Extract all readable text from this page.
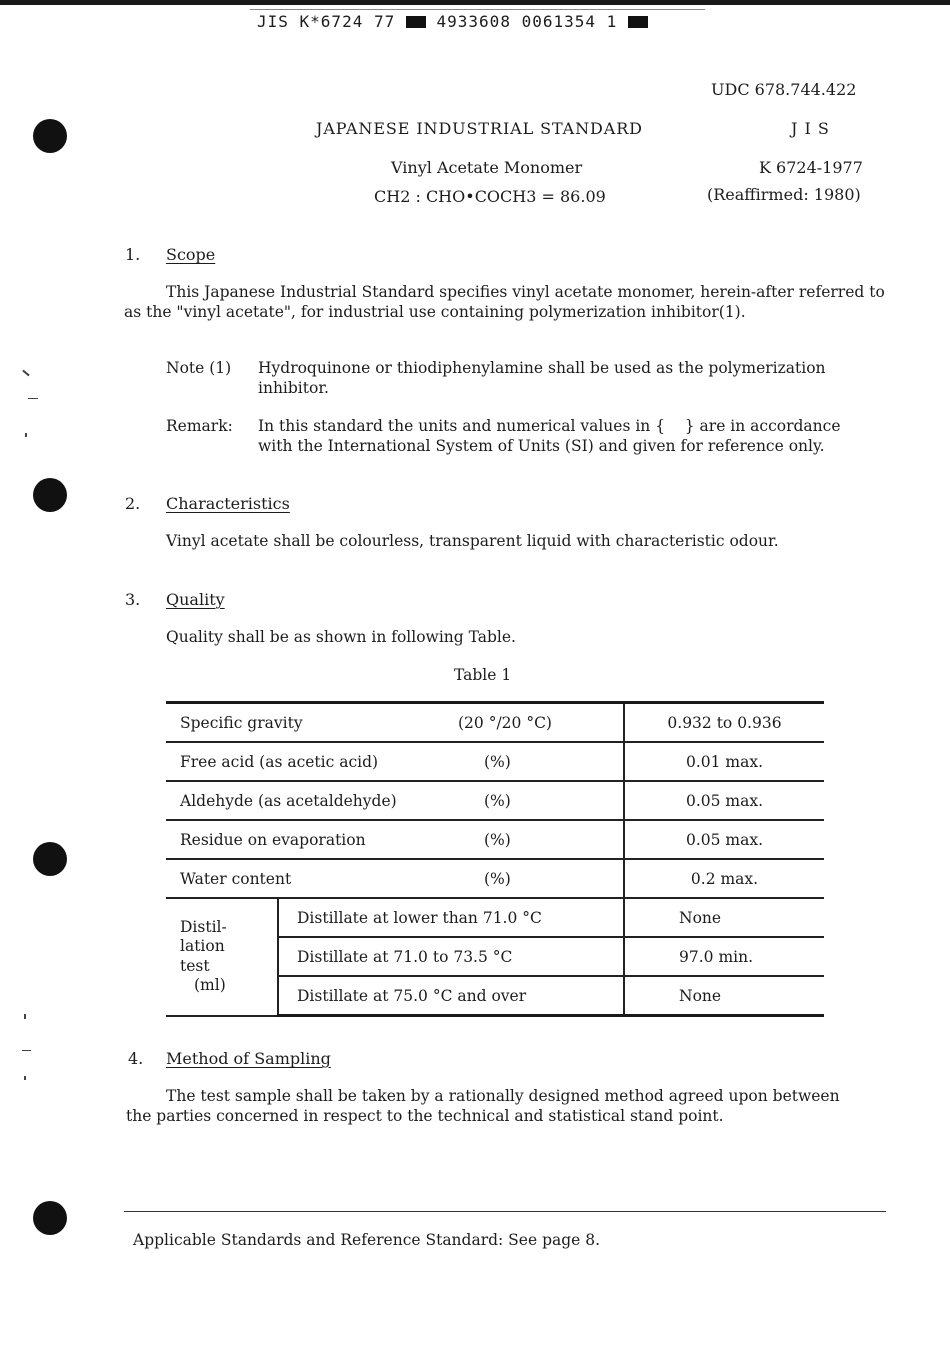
JIS K*6724 77	4933608 0061354 1
UDC 678.744.422
JAPANESE INDUSTRIAL STANDARD	J I S
Vinyl Acetate Monomer	K 6724-1977
CH2 : CHO•COCH3 = 86.09	(Reaffirmed: 1980)
1. Scope
This Japanese Industrial Standard specifies vinyl acetate monomer, herein-after referred to as the "vinyl acetate", for industrial use containing polymerization inhibitor(1).
Note (1) Hydroquinone or thiodiphenylamine shall be used as the polymerization inhibitor.
Remark: In this standard the units and numerical values in {    } are in accordance with the International System of Units (SI) and given for reference only.
2. Characteristics
Vinyl acetate shall be colourless, transparent liquid with characteristic odour.
3. Quality
Quality shall be as shown in following Table.
Table 1
Specific gravity		(20 °/20 °C)	0.932 to 0.936
Free acid (as acetic acid)		(%)	0.01 max.
Aldehyde (as acetaldehyde)		(%)	0.05 max.
Residue on evaporation		(%)	0.05 max.
Water content		(%)	0.2 max.

Distil-
lation
test
(ml)	Distillate at lower than 71.0 °C		None
	Distillate at 71.0 to 73.5 °C		97.0 min.
	Distillate at 75.0 °C and over		None
4. Method of Sampling
The test sample shall be taken by a rationally designed method agreed upon between the parties concerned in respect to the technical and statistical stand point.
Applicable Standards and Reference Standard: See page 8.
